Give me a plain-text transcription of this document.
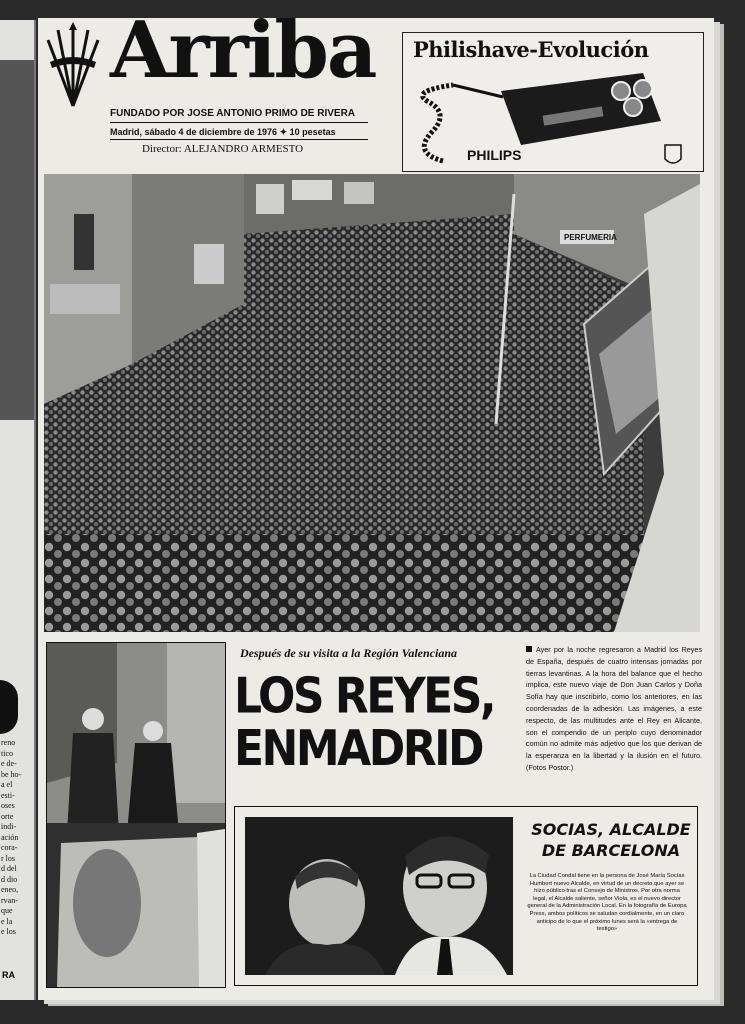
reno
tico
e de-
be ho-
a el
esti-
oses
orte
indi-
ación
cora-
r los
d del
d dio
eneo,
rvan-
que
e la
e los
RA
Arriba
FUNDADO POR JOSE ANTONIO PRIMO DE RIVERA
Madrid, sábado 4 de diciembre de 1976 ✦ 10 pesetas
Director: ALEJANDRO ARMESTO
Philishave-Evolución
PHILIPS
PERFUMERIA
Después de su visita a la Región Valenciana
LOS REYES,
ENMADRID
Ayer por la noche regresaron a Madrid los Reyes de España, después de cuatro intensas jornadas por tierras levantinas. A la hora del balance que el hecho implica, este nuevo viaje de Don Juan Carlos y Doña Sofía hay que inscribirlo, como los anteriores, en las coordenadas de la adhesión. Las imágenes, a este respecto, de las multitudes ante el Rey en Alicante, son el compendio de un periplo cuyo denominador común no admite más adjetivo que los que derivan de la esperanza en la libertad y la ilusión en el futuro. (Fotos Postor.)
SOCIAS, ALCALDE
DE BARCELONA
La Ciudad Condal tiene en la persona de José María Socías Humbert nuevo Alcalde, en virtud de un decreto que ayer se hizo público tras el Consejo de Ministros. Por otra norma legal, el Alcalde saliente, señor Viola, es el nuevo director general de la Administración Local. En la fotografía de Europa Press, ambos políticos se saludan cordialmente, en un claro anticipo de lo que el próximo lunes será la «entrega de testigo»
